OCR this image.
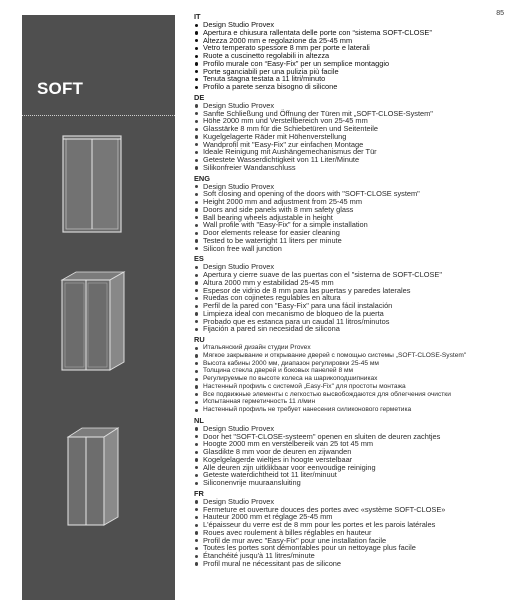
85
SOFT
IT
Design Studio Provex
Apertura e chiusura rallentata delle porte con “sistema SOFT-CLOSE”
Altezza 2000 mm e regolazione da 25-45 mm
Vetro temperato spessore 8 mm per porte e laterali
Ruote a cuscinetto regolabili in altezza
Profilo murale con “Easy-Fix” per un semplice montaggio
Porte sganciabili per una pulizia più facile
Tenuta stagna testata a 11 litri/minuto
Profilo a parete senza bisogno di silicone
DE
Design Studio Provex
Sanfte Schließung und Öffnung der Türen mit „SOFT-CLOSE-System"
Höhe 2000 mm und Verstellbereich von 25-45 mm
Glasstärke 8 mm für die Schiebetüren und Seitenteile
Kugelgelagerte Räder mit Höhenverstellung
Wandprofil mit "Easy-Fix" zur einfachen Montage
Ideale Reinigung mit Aushängemechanismus der Tür
Getestete Wasserdichtigkeit von 11 Liter/Minute
Silikonfreier Wandanschluss
ENG
Design Studio Provex
Soft closing and opening of the doors with "SOFT-CLOSE system"
Height 2000 mm and adjustment from 25-45 mm
Doors and side panels with 8 mm safety glass
Ball bearing wheels adjustable in height
Wall profile with "Easy-Fix" for a simple installation
Door elements release for easier cleaning
Tested to be watertight 11 liters per minute
Silicon free wall junction
ES
Design Studio Provex
Apertura y cierre suave de las puertas con el "sisterna de SOFT-CLOSE"
Altura 2000 mm y estabilidad 25-45 mm
Espesor de vidrio de 8 mm para las puertas y paredes laterales
Ruedas con cojinetes regulables en altura
Perfil de la pared con "Easy-Fix" para una fácil instalación
Limpieza ideal con mecanismo de bloqueo de la puerta
Probado que es estanca para un caudal 11 litros/minutos
Fijación a pared sin necesidad de silicona
RU
Итальянский дизайн студии Provex
Мягкое закрывание и открывание дверей с помощью системы „SOFT-CLOSE-System"
Высота кабины 2000 мм, диапазон регулировки 25-45 мм
Толщина стекла дверей и боковых панелей 8 мм
Регулируемые по высоте колеса на шарикоподшипниках
Настенный профиль с системой „Easy-Fix" для простоты монтажа
Все подвижные элементы с легкостью высвобождаются для облегчения очистки
Испытанная герметичность 11 л/мин
Настенный профиль не требует нанесения силиконового герметика
NL
Design Studio Provex
Door het "SOFT-CLOSE-systeem" openen en sluiten de deuren zachtjes
Hoogte 2000 mm en verstelbereik van 25 tot 45 mm
Glasdikte 8 mm voor de deuren en zijwanden
Kogelgelagerde wieltjes in hoogte verstelbaar
Alle deuren zijn uitklikbaar voor eenvoudige reiniging
Geteste waterdichtheid tot 11 liter/minuut
Siliconenvrije muuraansluiting
FR
Design Studio Provex
Fermeture et ouverture douces des portes avec «système SOFT-CLOSE»
Hauteur 2000 mm et réglage 25-45 mm
L'épaisseur du verre est de 8 mm pour les portes et les parois latérales
Roues avec roulement à billes réglables en hauteur
Profil de mur avec "Easy-Fix" pour une installation facile
Toutes les portes sont démontables pour un nettoyage plus facile
Étanchéité jusqu'à 11 litres/minute
Profil mural ne nécessitant pas de silicone
